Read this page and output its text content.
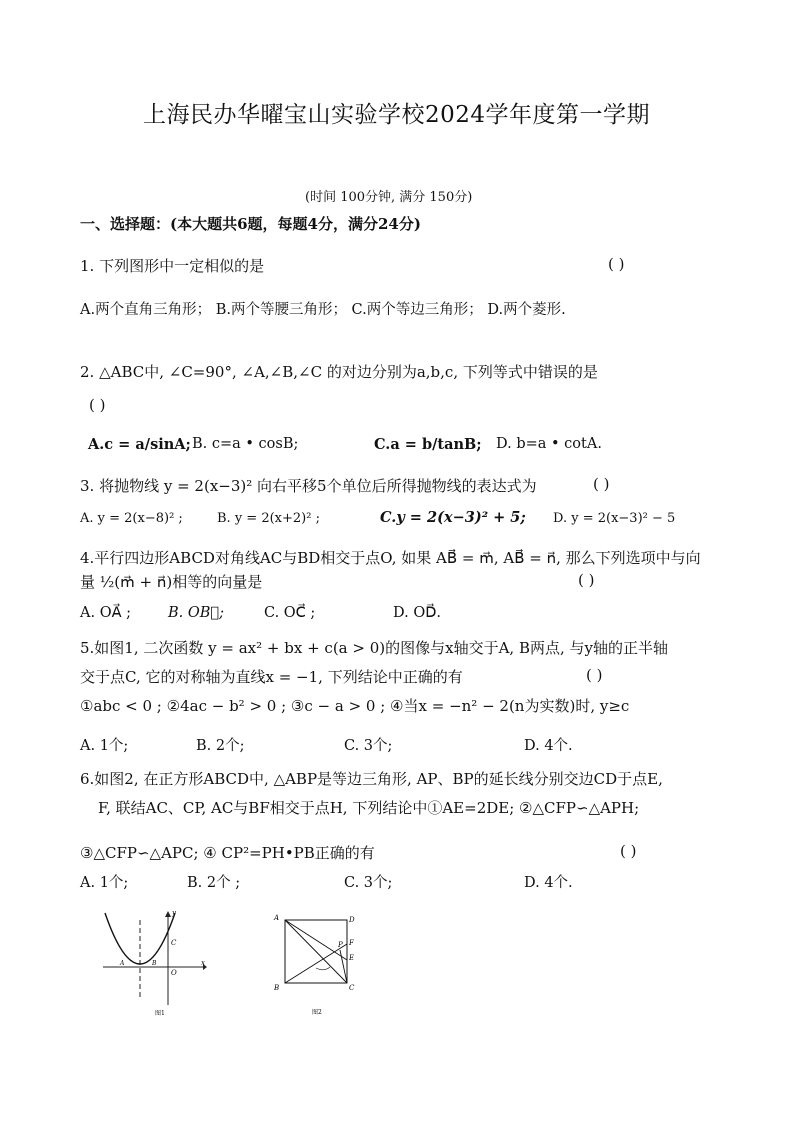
上海民办华曜宝山实验学校2024学年度第一学期
(时间 100分钟, 满分 150分)
一、选择题：(本大题共6题，每题4分，满分24分)
1. 下列图形中一定相似的是	( )
A.两个直角三角形； B.两个等腰三角形； C.两个等边三角形； D.两个菱形.
2. △ABC中, ∠C=90°, ∠A,∠B,∠C 的对边分别为a,b,c, 下列等式中错误的是
( )
A.c = a/sinA; B. c=a • cosB;	C.a = b/tanB; D. b=a • cotA.
3. 将抛物线 y = 2(x−3)² 向右平移5个单位后所得抛物线的表达式为	( )
A. y = 2(x−8)² ;	B. y = 2(x+2)² ;	C.y = 2(x−3)² + 5; D. y = 2(x−3)² − 5
4.平行四边形ABCD对角线AC与BD相交于点O, 如果 AB⃗ = m⃗, AB⃗ = n⃗, 那么下列选项中与向
量 ½(m⃗ + n⃗)相等的向量是	( )
A. OA⃗ ;	B. OB⃗;	C. OC⃗ ;	D. OD⃗.
5.如图1, 二次函数 y = ax² + bx + c(a > 0)的图像与x轴交于A, B两点, 与y轴的正半轴
交于点C, 它的对称轴为直线x = −1, 下列结论中正确的有	( )
①abc < 0 ; ②4ac − b² > 0 ; ③c − a > 0 ; ④当x = −n² − 2(n为实数)时, y≥c
A. 1个;	B. 2个;	C. 3个;	D. 4个.
6.如图2, 在正方形ABCD中, △ABP是等边三角形, AP、BP的延长线分别交边CD于点E,
F, 联结AC、CP, AC与BF相交于点H, 下列结论中①AE=2DE; ②△CFP∽△APH;
③△CFP∽△APC; ④ CP²=PH•PB正确的有	( )
A. 1个;	B. 2个 ;	C. 3个;	D. 4个.
y
x
C
A	B
O
图1
A
B	C
D
P F
E
图2
